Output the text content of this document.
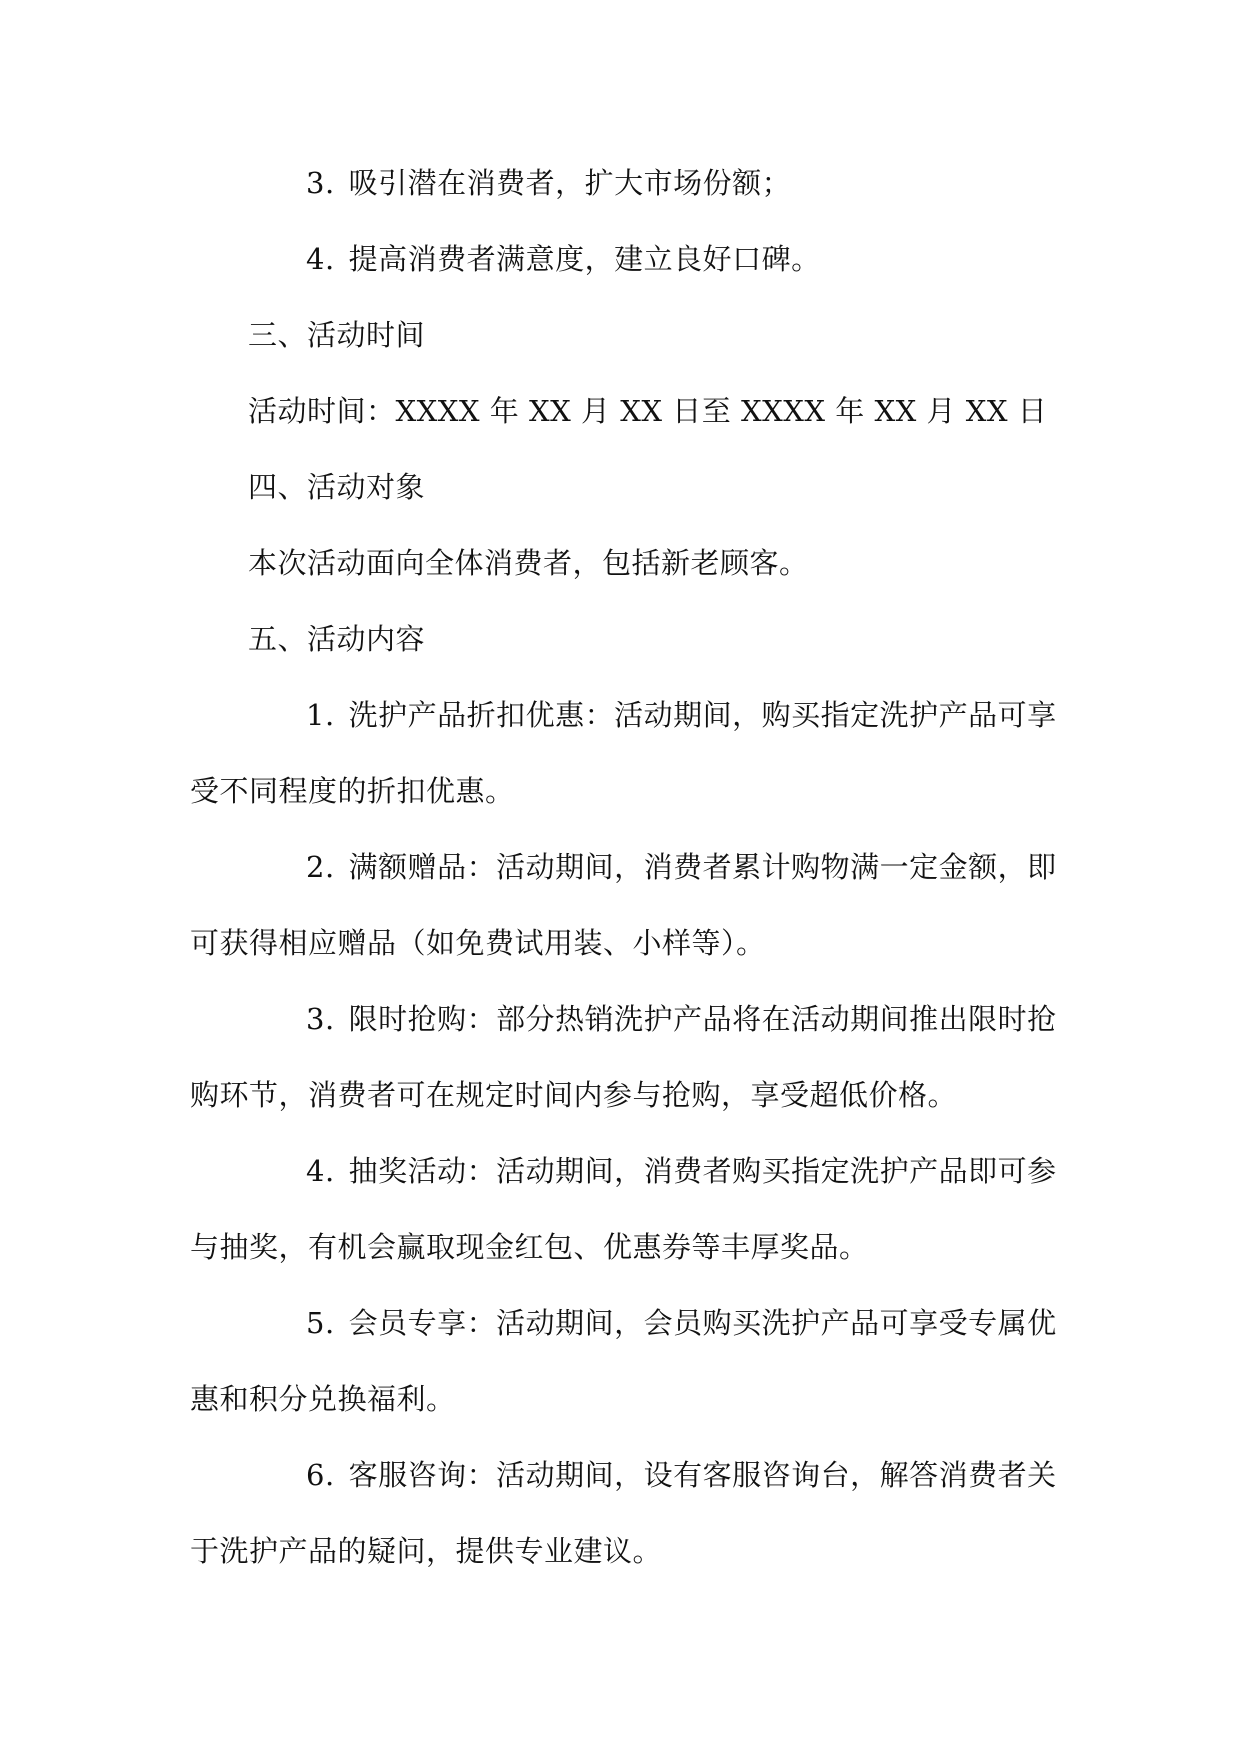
3. 吸引潜在消费者，扩大市场份额；

4. 提高消费者满意度，建立良好口碑。

三、活动时间

活动时间：XXXX 年 XX 月 XX 日至 XXXX 年 XX 月 XX 日

四、活动对象

本次活动面向全体消费者，包括新老顾客。

五、活动内容

1. 洗护产品折扣优惠：活动期间，购买指定洗护产品可享受不同程度的折扣优惠。

2. 满额赠品：活动期间，消费者累计购物满一定金额，即可获得相应赠品（如免费试用装、小样等）。

3. 限时抢购：部分热销洗护产品将在活动期间推出限时抢购环节，消费者可在规定时间内参与抢购，享受超低价格。

4. 抽奖活动：活动期间，消费者购买指定洗护产品即可参与抽奖，有机会赢取现金红包、优惠券等丰厚奖品。

5. 会员专享：活动期间，会员购买洗护产品可享受专属优惠和积分兑换福利。

6. 客服咨询：活动期间，设有客服咨询台，解答消费者关于洗护产品的疑问，提供专业建议。
